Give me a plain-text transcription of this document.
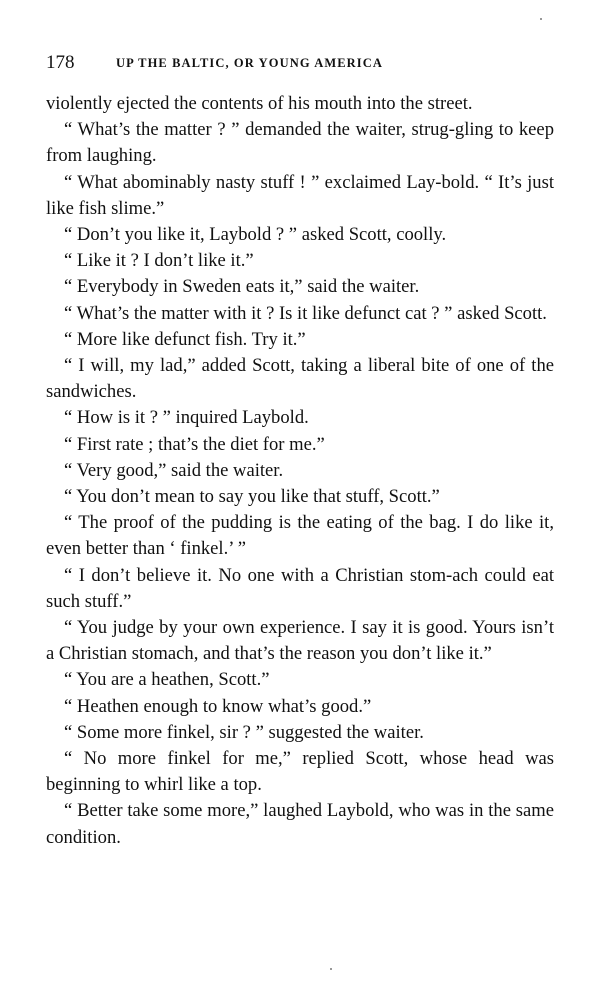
178	UP THE BALTIC, OR YOUNG AMERICA

violently ejected the contents of his mouth into the street.

“ What’s the matter ? ” demanded the waiter, strug-gling to keep from laughing.

“ What abominably nasty stuff ! ” exclaimed Lay-bold. “ It’s just like fish slime.”

“ Don’t you like it, Laybold ? ” asked Scott, coolly.

“ Like it ? I don’t like it.”

“ Everybody in Sweden eats it,” said the waiter.

“ What’s the matter with it ? Is it like defunct cat ? ” asked Scott.

“ More like defunct fish. Try it.”

“ I will, my lad,” added Scott, taking a liberal bite of one of the sandwiches.

“ How is it ? ” inquired Laybold.

“ First rate ; that’s the diet for me.”

“ Very good,” said the waiter.

“ You don’t mean to say you like that stuff, Scott.”

“ The proof of the pudding is the eating of the bag. I do like it, even better than ‘ finkel.’ ”

“ I don’t believe it. No one with a Christian stom-ach could eat such stuff.”

“ You judge by your own experience. I say it is good. Yours isn’t a Christian stomach, and that’s the reason you don’t like it.”

“ You are a heathen, Scott.”

“ Heathen enough to know what’s good.”

“ Some more finkel, sir ? ” suggested the waiter.

“ No more finkel for me,” replied Scott, whose head was beginning to whirl like a top.

“ Better take some more,” laughed Laybold, who was in the same condition.
